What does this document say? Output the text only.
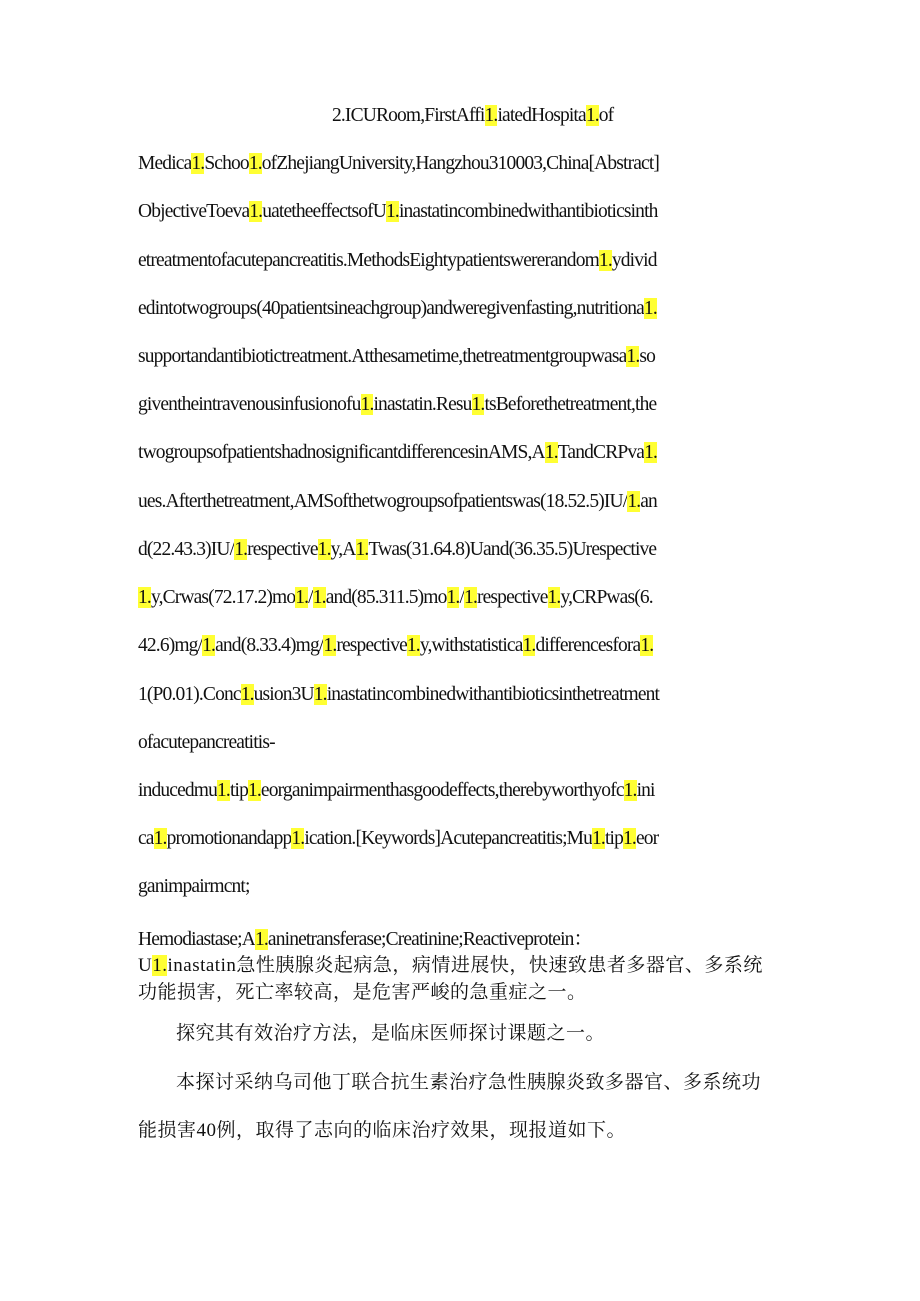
2.ICURoom,FirstAffi1.iatedHospita1.of
Medica1.Schoo1.ofZhejiangUniversity,Hangzhou310003,China[Abstract]
ObjectiveToeva1.uatetheeffectsofU1.inastatincombinedwithantibioticsinth
etreatmentofacutepancreatitis.MethodsEightypatientswererandom1.ydivid
edintotwogroups(40patientsineachgroup)andweregivenfasting,nutritiona1.
supportandantibiotictreatment.Atthesametime,thetreatmentgroupwasa1.so
giventheintravenousinfusionofu1.inastatin.Resu1.tsBeforethetreatment,the
twogroupsofpatientshadnosignificantdifferencesinAMS,A1.TandCRPva1.
ues.Afterthetreatment,AMSofthetwogroupsofpatientswas(18.52.5)IU/1.an
d(22.43.3)IU/1.respective1.y,A1.Twas(31.64.8)Uand(36.35.5)Urespective
1.y,Crwas(72.17.2)mo1./1.and(85.311.5)mo1./1.respective1.y,CRPwas(6.
42.6)mg/1.and(8.33.4)mg/1.respective1.y,withstatistica1.differencesfora1.
1(P0.01).Conc1.usion3U1.inastatincombinedwithantibioticsinthetreatment
ofacutepancreatitis-
inducedmu1.tip1.eorganimpairmenthasgoodeffects,therebyworthyofc1.ini
ca1.promotionandapp1.ication.[Keywords]Acutepancreatitis;Mu1.tip1.eor
ganimpairmcnt;
Hemodiastase;A1.aninetransferase;Creatinine;Reactiveprotein：
U1.inastatin急性胰腺炎起病急，病情进展快，快速致患者多器官、多系统
功能损害，死亡率较高，是危害严峻的急重症之一。
探究其有效治疗方法，是临床医师探讨课题之一。
本探讨采纳乌司他丁联合抗生素治疗急性胰腺炎致多器官、多系统功
能损害40例，取得了志向的临床治疗效果，现报道如下。
